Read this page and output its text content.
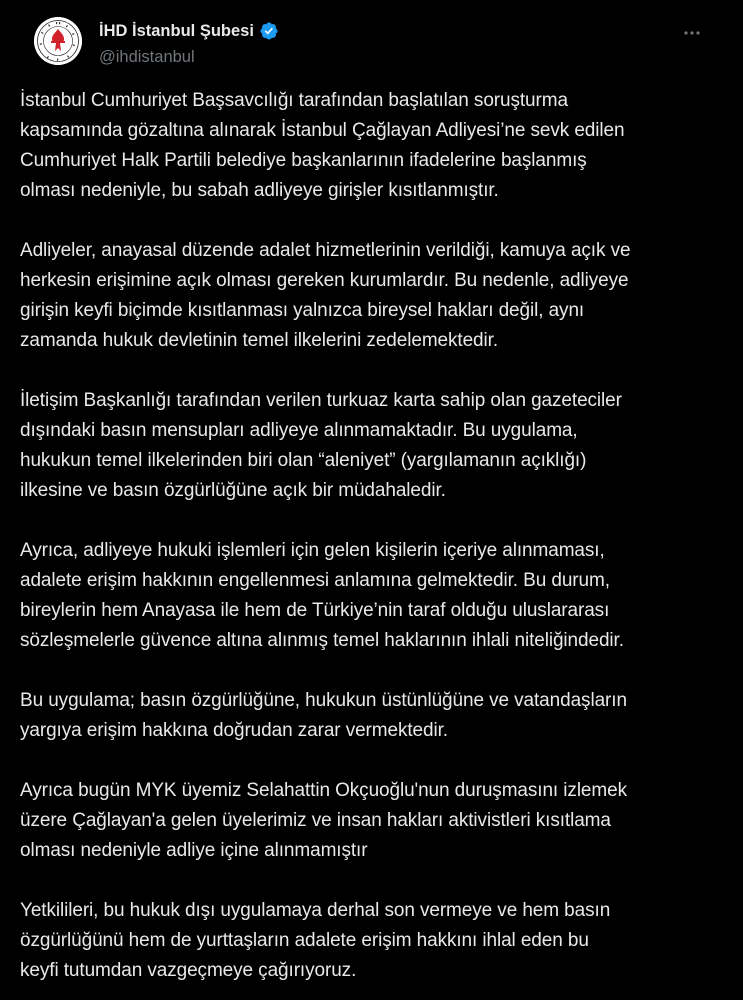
İHD İstanbul Şubesi
@ihdistanbul

İstanbul Cumhuriyet Başsavcılığı tarafından başlatılan soruşturma
kapsamında gözaltına alınarak İstanbul Çağlayan Adliyesi’ne sevk edilen
Cumhuriyet Halk Partili belediye başkanlarının ifadelerine başlanmış
olması nedeniyle, bu sabah adliyeye girişler kısıtlanmıştır.

Adliyeler, anayasal düzende adalet hizmetlerinin verildiği, kamuya açık ve
herkesin erişimine açık olması gereken kurumlardır. Bu nedenle, adliyeye
girişin keyfi biçimde kısıtlanması yalnızca bireysel hakları değil, aynı
zamanda hukuk devletinin temel ilkelerini zedelemektedir.

İletişim Başkanlığı tarafından verilen turkuaz karta sahip olan gazeteciler
dışındaki basın mensupları adliyeye alınmamaktadır. Bu uygulama,
hukukun temel ilkelerinden biri olan “aleniyet” (yargılamanın açıklığı)
ilkesine ve basın özgürlüğüne açık bir müdahaledir.

Ayrıca, adliyeye hukuki işlemleri için gelen kişilerin içeriye alınmaması,
adalete erişim hakkının engellenmesi anlamına gelmektedir. Bu durum,
bireylerin hem Anayasa ile hem de Türkiye’nin taraf olduğu uluslararası
sözleşmelerle güvence altına alınmış temel haklarının ihlali niteliğindedir.

Bu uygulama; basın özgürlüğüne, hukukun üstünlüğüne ve vatandaşların
yargıya erişim hakkına doğrudan zarar vermektedir.

Ayrıca bugün MYK üyemiz Selahattin Okçuoğlu'nun duruşmasını izlemek
üzere Çağlayan'a gelen üyelerimiz ve insan hakları aktivistleri kısıtlama
olması nedeniyle adliye içine alınmamıştır

Yetkilileri, bu hukuk dışı uygulamaya derhal son vermeye ve hem basın
özgürlüğünü hem de yurttaşların adalete erişim hakkını ihlal eden bu
keyfi tutumdan vazgeçmeye çağırıyoruz.
